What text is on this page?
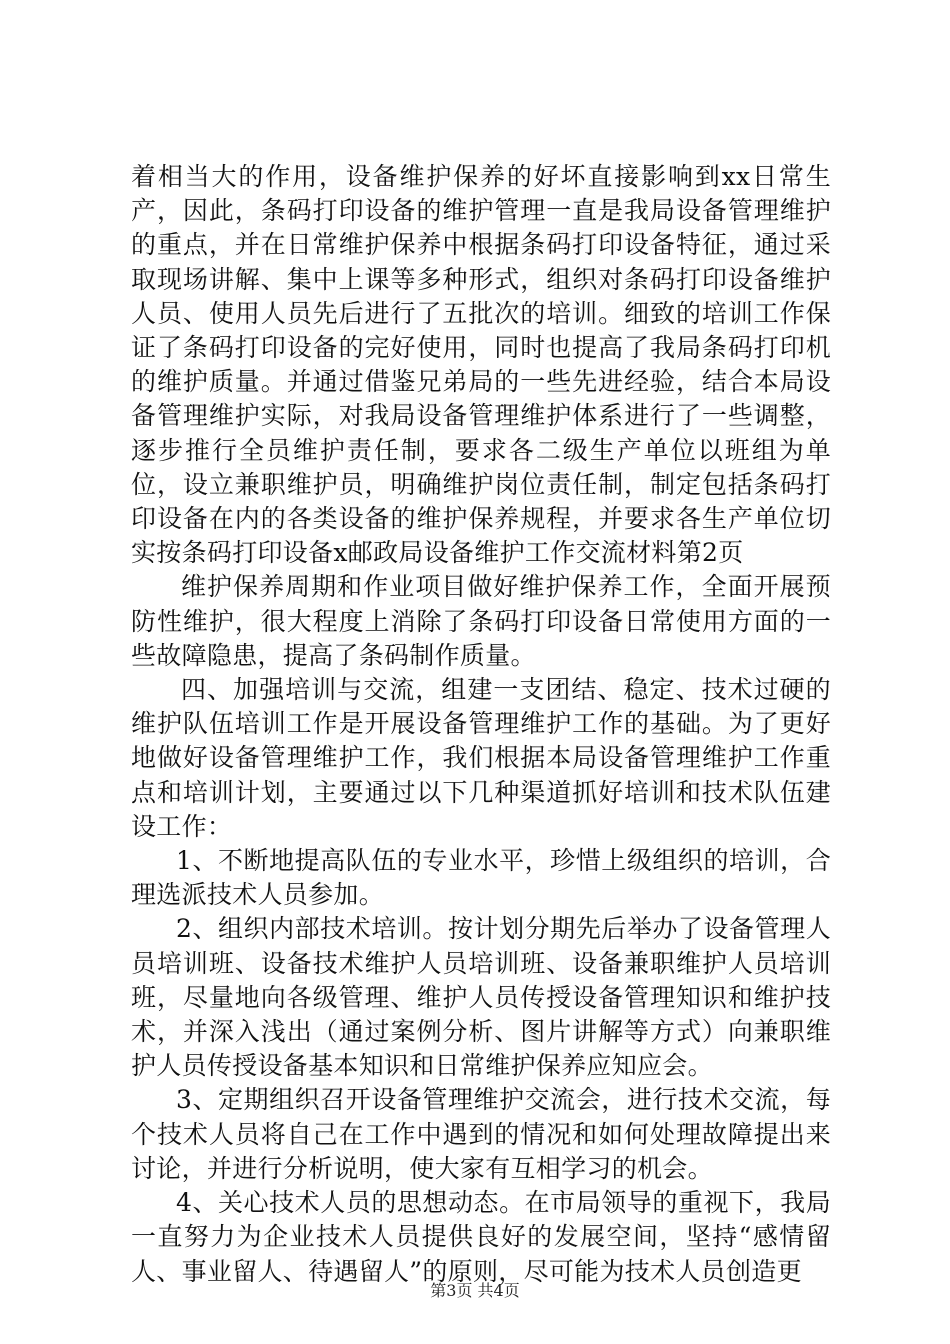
着相当大的作用，设备维护保养的好坏直接影响到xx日常生产，因此，条码打印设备的维护管理一直是我局设备管理维护的重点，并在日常维护保养中根据条码打印设备特征，通过采取现场讲解、集中上课等多种形式，组织对条码打印设备维护人员、使用人员先后进行了五批次的培训。细致的培训工作保证了条码打印设备的完好使用，同时也提高了我局条码打印机的维护质量。并通过借鉴兄弟局的一些先进经验，结合本局设备管理维护实际，对我局设备管理维护体系进行了一些调整，逐步推行全员维护责任制，要求各二级生产单位以班组为单位，设立兼职维护员，明确维护岗位责任制，制定包括条码打印设备在内的各类设备的维护保养规程，并要求各生产单位切实按条码打印设备x邮政局设备维护工作交流材料第2页

维护保养周期和作业项目做好维护保养工作，全面开展预防性维护，很大程度上消除了条码打印设备日常使用方面的一些故障隐患，提高了条码制作质量。

四、加强培训与交流，组建一支团结、稳定、技术过硬的维护队伍培训工作是开展设备管理维护工作的基础。为了更好地做好设备管理维护工作，我们根据本局设备管理维护工作重点和培训计划，主要通过以下几种渠道抓好培训和技术队伍建设工作：

1、不断地提高队伍的专业水平，珍惜上级组织的培训，合理选派技术人员参加。

2、组织内部技术培训。按计划分期先后举办了设备管理人员培训班、设备技术维护人员培训班、设备兼职维护人员培训班，尽量地向各级管理、维护人员传授设备管理知识和维护技术，并深入浅出（通过案例分析、图片讲解等方式）向兼职维护人员传授设备基本知识和日常维护保养应知应会。

3、定期组织召开设备管理维护交流会，进行技术交流，每个技术人员将自己在工作中遇到的情况和如何处理故障提出来讨论，并进行分析说明，使大家有互相学习的机会。

4、关心技术人员的思想动态。在市局领导的重视下，我局一直努力为企业技术人员提供良好的发展空间，坚持“感情留人、事业留人、待遇留人”的原则，尽可能为技术人员创造更

第3页 共4页
